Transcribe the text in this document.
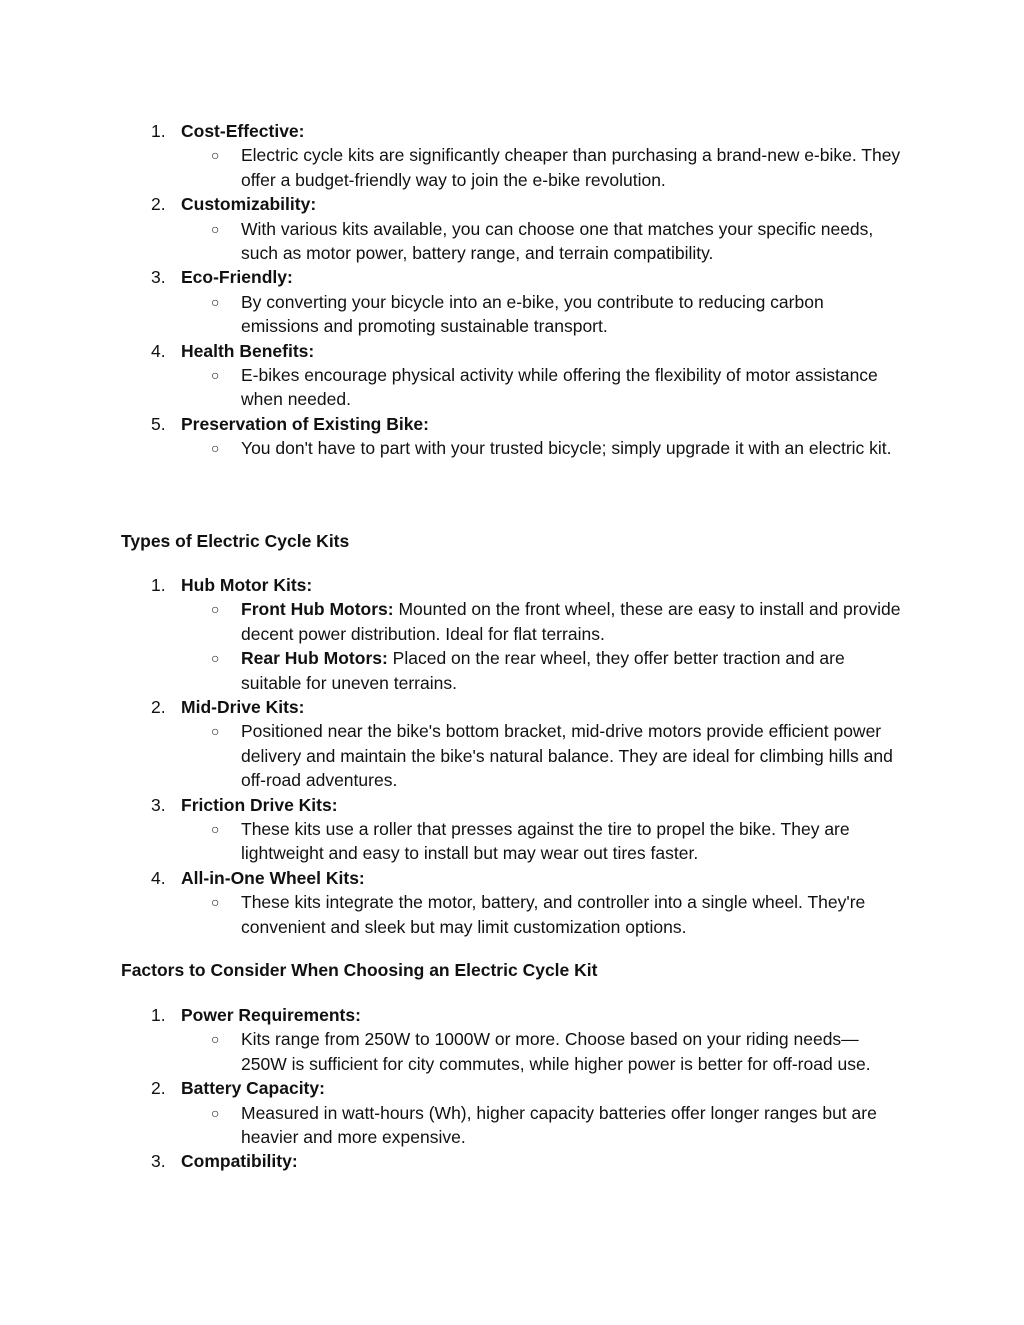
1. Cost-Effective:
○	Electric cycle kits are significantly cheaper than purchasing a brand-new e-bike. They offer a budget-friendly way to join the e-bike revolution.
2. Customizability:
○	With various kits available, you can choose one that matches your specific needs, such as motor power, battery range, and terrain compatibility.
3. Eco-Friendly:
○	By converting your bicycle into an e-bike, you contribute to reducing carbon emissions and promoting sustainable transport.
4. Health Benefits:
○	E-bikes encourage physical activity while offering the flexibility of motor assistance when needed.
5. Preservation of Existing Bike:
○	You don't have to part with your trusted bicycle; simply upgrade it with an electric kit.
Types of Electric Cycle Kits
1. Hub Motor Kits:
○	Front Hub Motors: Mounted on the front wheel, these are easy to install and provide decent power distribution. Ideal for flat terrains.
○	Rear Hub Motors: Placed on the rear wheel, they offer better traction and are suitable for uneven terrains.
2. Mid-Drive Kits:
○	Positioned near the bike's bottom bracket, mid-drive motors provide efficient power delivery and maintain the bike's natural balance. They are ideal for climbing hills and off-road adventures.
3. Friction Drive Kits:
○	These kits use a roller that presses against the tire to propel the bike. They are lightweight and easy to install but may wear out tires faster.
4. All-in-One Wheel Kits:
○	These kits integrate the motor, battery, and controller into a single wheel. They're convenient and sleek but may limit customization options.
Factors to Consider When Choosing an Electric Cycle Kit
1. Power Requirements:
○	Kits range from 250W to 1000W or more. Choose based on your riding needs—250W is sufficient for city commutes, while higher power is better for off-road use.
2. Battery Capacity:
○	Measured in watt-hours (Wh), higher capacity batteries offer longer ranges but are heavier and more expensive.
3. Compatibility:
